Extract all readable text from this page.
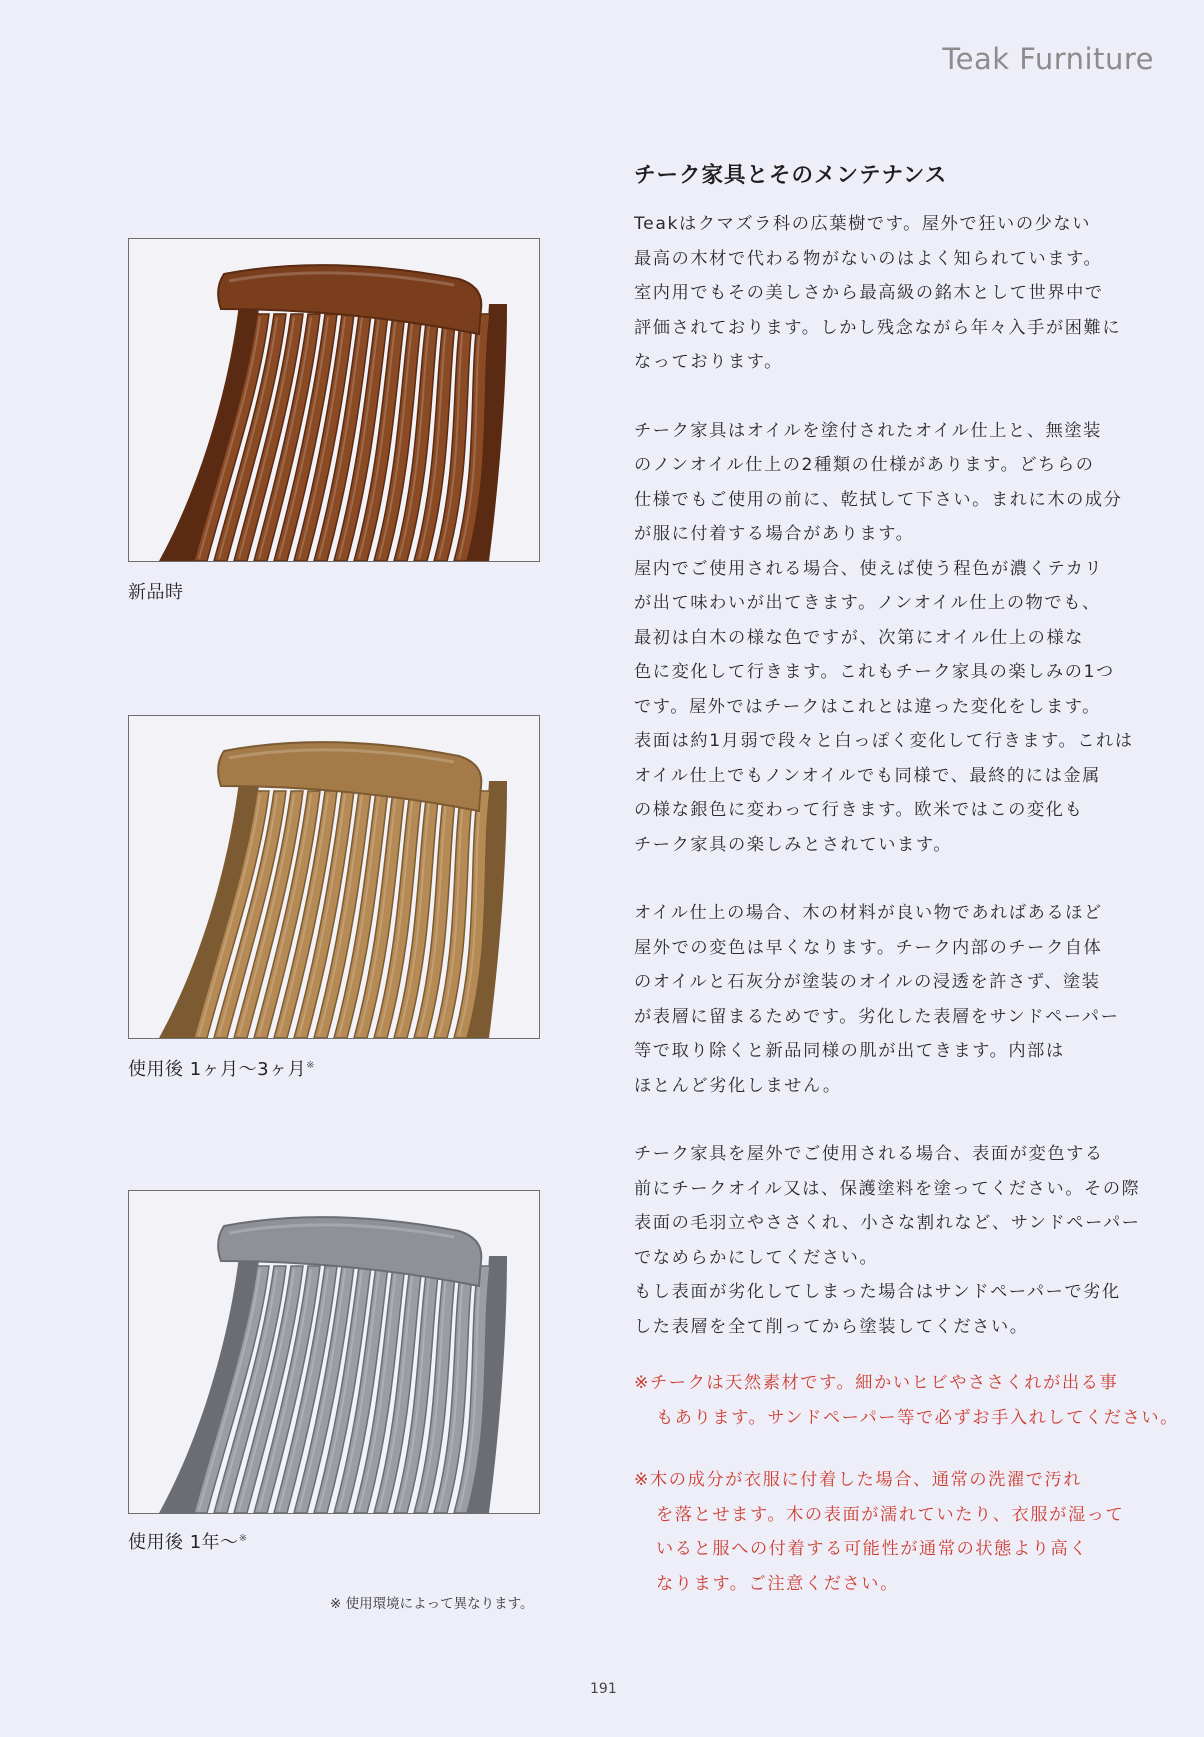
Teak Furniture
新品時
使用後 1ヶ月〜3ヶ月※
使用後 1年〜※
※ 使用環境によって異なります。
チーク家具とそのメンテナンス

Teakはクマズラ科の広葉樹です。屋外で狂いの少ない
最高の木材で代わる物がないのはよく知られています。
室内用でもその美しさから最高級の銘木として世界中で
評価されております。しかし残念ながら年々入手が困難に
なっております。

チーク家具はオイルを塗付されたオイル仕上と、無塗装
のノンオイル仕上の2種類の仕様があります。どちらの
仕様でもご使用の前に、乾拭して下さい。まれに木の成分
が服に付着する場合があります。
屋内でご使用される場合、使えば使う程色が濃くテカリ
が出て味わいが出てきます。ノンオイル仕上の物でも、
最初は白木の様な色ですが、次第にオイル仕上の様な
色に変化して行きます。これもチーク家具の楽しみの1つ
です。屋外ではチークはこれとは違った変化をします。
表面は約1月弱で段々と白っぽく変化して行きます。これは
オイル仕上でもノンオイルでも同様で、最終的には金属
の様な銀色に変わって行きます。欧米ではこの変化も
チーク家具の楽しみとされています。

オイル仕上の場合、木の材料が良い物であればあるほど
屋外での変色は早くなります。チーク内部のチーク自体
のオイルと石灰分が塗装のオイルの浸透を許さず、塗装
が表層に留まるためです。劣化した表層をサンドペーパー
等で取り除くと新品同様の肌が出てきます。内部は
ほとんど劣化しません。

チーク家具を屋外でご使用される場合、表面が変色する
前にチークオイル又は、保護塗料を塗ってください。その際
表面の毛羽立やささくれ、小さな割れなど、サンドペーパー
でなめらかにしてください。
もし表面が劣化してしまった場合はサンドペーパーで劣化
した表層を全て削ってから塗装してください。

※チークは天然素材です。細かいヒビやささくれが出る事
もあります。サンドペーパー等で必ずお手入れしてください。

※木の成分が衣服に付着した場合、通常の洗濯で汚れ
を落とせます。木の表面が濡れていたり、衣服が湿って
いると服への付着する可能性が通常の状態より高く
なります。ご注意ください。

191
